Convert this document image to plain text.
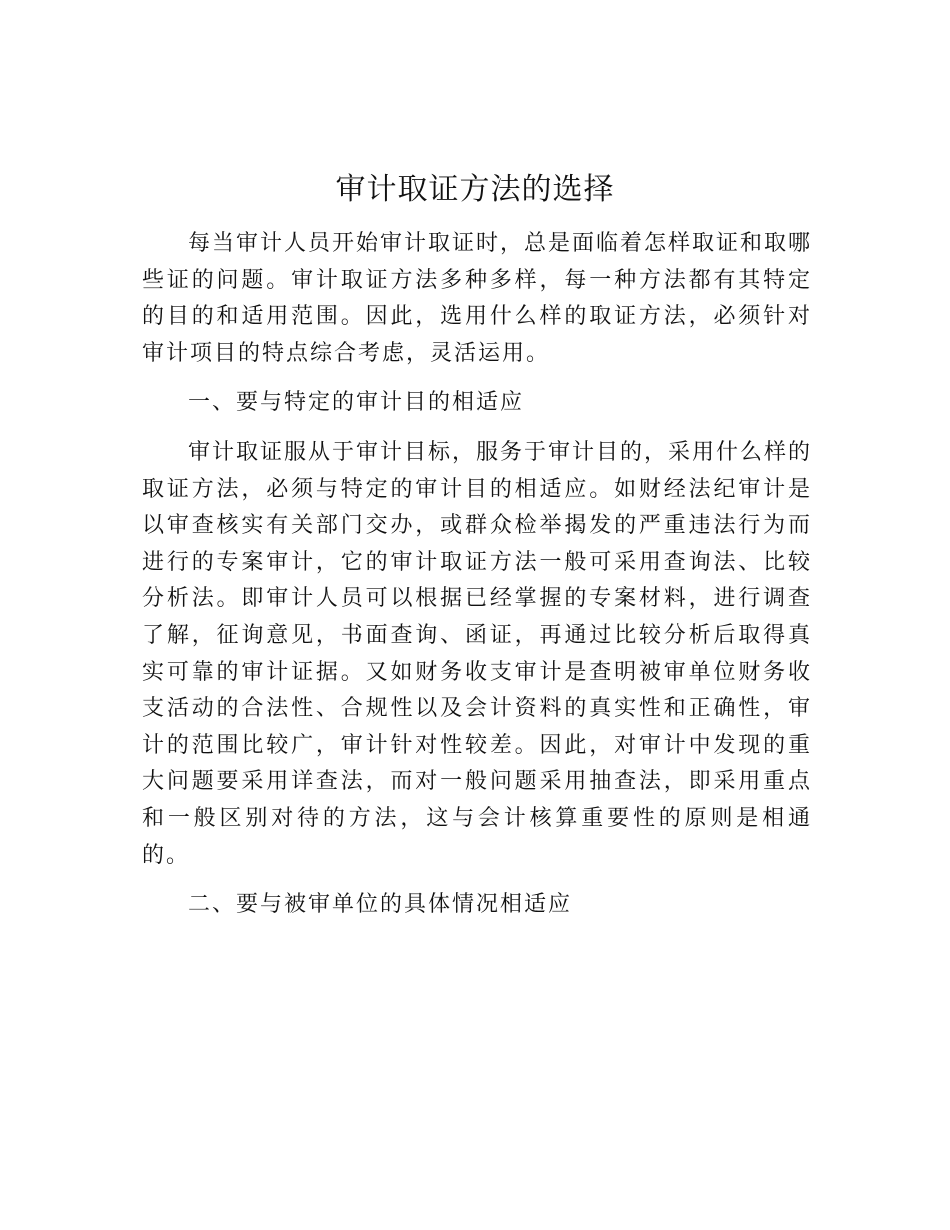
审计取证方法的选择

每当审计人员开始审计取证时，总是面临着怎样取证和取哪些证的问题。审计取证方法多种多样，每一种方法都有其特定的目的和适用范围。因此，选用什么样的取证方法，必须针对审计项目的特点综合考虑，灵活运用。

一、要与特定的审计目的相适应

审计取证服从于审计目标，服务于审计目的，采用什么样的取证方法，必须与特定的审计目的相适应。如财经法纪审计是以审查核实有关部门交办，或群众检举揭发的严重违法行为而进行的专案审计，它的审计取证方法一般可采用查询法、比较分析法。即审计人员可以根据已经掌握的专案材料，进行调查了解，征询意见，书面查询、函证，再通过比较分析后取得真实可靠的审计证据。又如财务收支审计是查明被审单位财务收支活动的合法性、合规性以及会计资料的真实性和正确性，审计的范围比较广，审计针对性较差。因此，对审计中发现的重大问题要采用详查法，而对一般问题采用抽查法，即采用重点和一般区别对待的方法，这与会计核算重要性的原则是相通的。

二、要与被审单位的具体情况相适应
